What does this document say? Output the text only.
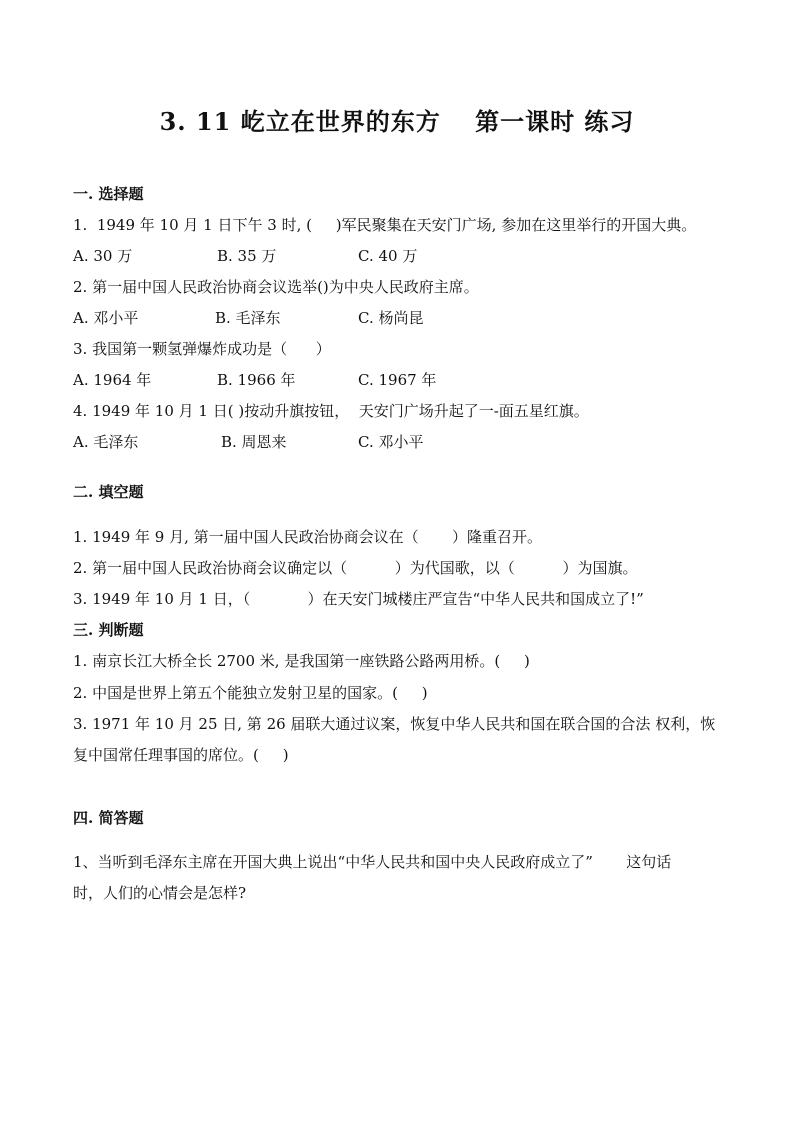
3. 11 屹立在世界的东方　 第一课时 练习
一. 选择题
1.  1949 年 10 月 1 日下午 3 时, (     )军民聚集在天安门广场, 参加在这里举行的开国大典。
A. 30 万	B. 35 万	C. 40 万
2. 第一届中国人民政治协商会议选举()为中央人民政府主席。
A. 邓小平	B. 毛泽东	C. 杨尚昆
3. 我国第一颗氢弹爆炸成功是（      ）
A. 1964 年	B. 1966 年	C. 1967 年
4. 1949 年 10 月 1 日( )按动升旗按钮，  天安门广场升起了一-面五星红旗。
A. 毛泽东	B. 周恩来	C. 邓小平
二. 填空题
1. 1949 年 9 月, 第一届中国人民政治协商会议在（       ）隆重召开。
2. 第一届中国人民政治协商会议确定以（          ）为代国歌，以（          ）为国旗。
3. 1949 年 10 月 1 日，（            ）在天安门城楼庄严宣告“中华人民共和国成立了!”
三. 判断题
1. 南京长江大桥全长 2700 米, 是我国第一座铁路公路两用桥。(     )
2. 中国是世界上第五个能独立发射卫星的国家。(     )
3. 1971 年 10 月 25 日, 第 26 届联大通过议案，恢复中华人民共和国在联合国的合法 权利，恢
复中国常任理事国的席位。(     )
四. 简答题
1、当听到毛泽东主席在开国大典上说出“中华人民共和国中央人民政府成立了”       这句话
时，人们的心情会是怎样?
